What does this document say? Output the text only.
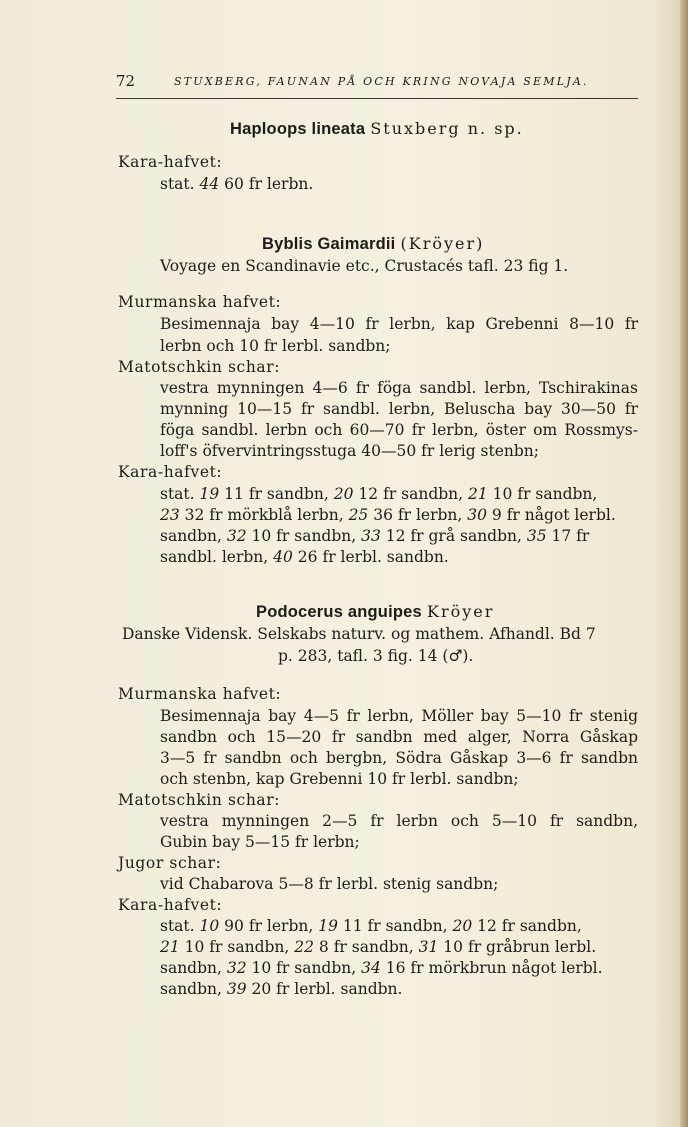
72	STUXBERG, FAUNAN PÅ OCH KRING NOVAJA SEMLJA.
Haploops lineata Stuxberg n. sp.
Kara-hafvet:
stat. 44 60 fr lerbn.
Byblis Gaimardii (Kröyer)
Voyage en Scandinavie etc., Crustacés tafl. 23 fig 1.
Murmanska hafvet:
Besimennaja bay 4—10 fr lerbn, kap Grebenni 8—10 fr
lerbn och 10 fr lerbl. sandbn;
Matotschkin schar:
vestra mynningen 4—6 fr föga sandbl. lerbn, Tschirakinas
mynning 10—15 fr sandbl. lerbn, Beluscha bay 30—50 fr
föga sandbl. lerbn och 60—70 fr lerbn, öster om Rossmys-
loff's öfvervintringsstuga 40—50 fr lerig stenbn;
Kara-hafvet:
stat. 19 11 fr sandbn, 20 12 fr sandbn, 21 10 fr sandbn,
23 32 fr mörkblå lerbn, 25 36 fr lerbn, 30 9 fr något lerbl.
sandbn, 32 10 fr sandbn, 33 12 fr grå sandbn, 35 17 fr
sandbl. lerbn, 40 26 fr lerbl. sandbn.
Podocerus anguipes Kröyer
Danske Vidensk. Selskabs naturv. og mathem. Afhandl. Bd 7
p. 283, tafl. 3 fig. 14 (♂).
Murmanska hafvet:
Besimennaja bay 4—5 fr lerbn, Möller bay 5—10 fr stenig
sandbn och 15—20 fr sandbn med alger, Norra Gåskap
3—5 fr sandbn och bergbn, Södra Gåskap 3—6 fr sandbn
och stenbn, kap Grebenni 10 fr lerbl. sandbn;
Matotschkin schar:
vestra mynningen 2—5 fr lerbn och 5—10 fr sandbn,
Gubin bay 5—15 fr lerbn;
Jugor schar:
vid Chabarova 5—8 fr lerbl. stenig sandbn;
Kara-hafvet:
stat. 10 90 fr lerbn, 19 11 fr sandbn, 20 12 fr sandbn,
21 10 fr sandbn, 22 8 fr sandbn, 31 10 fr gråbrun lerbl.
sandbn, 32 10 fr sandbn, 34 16 fr mörkbrun något lerbl.
sandbn, 39 20 fr lerbl. sandbn.
